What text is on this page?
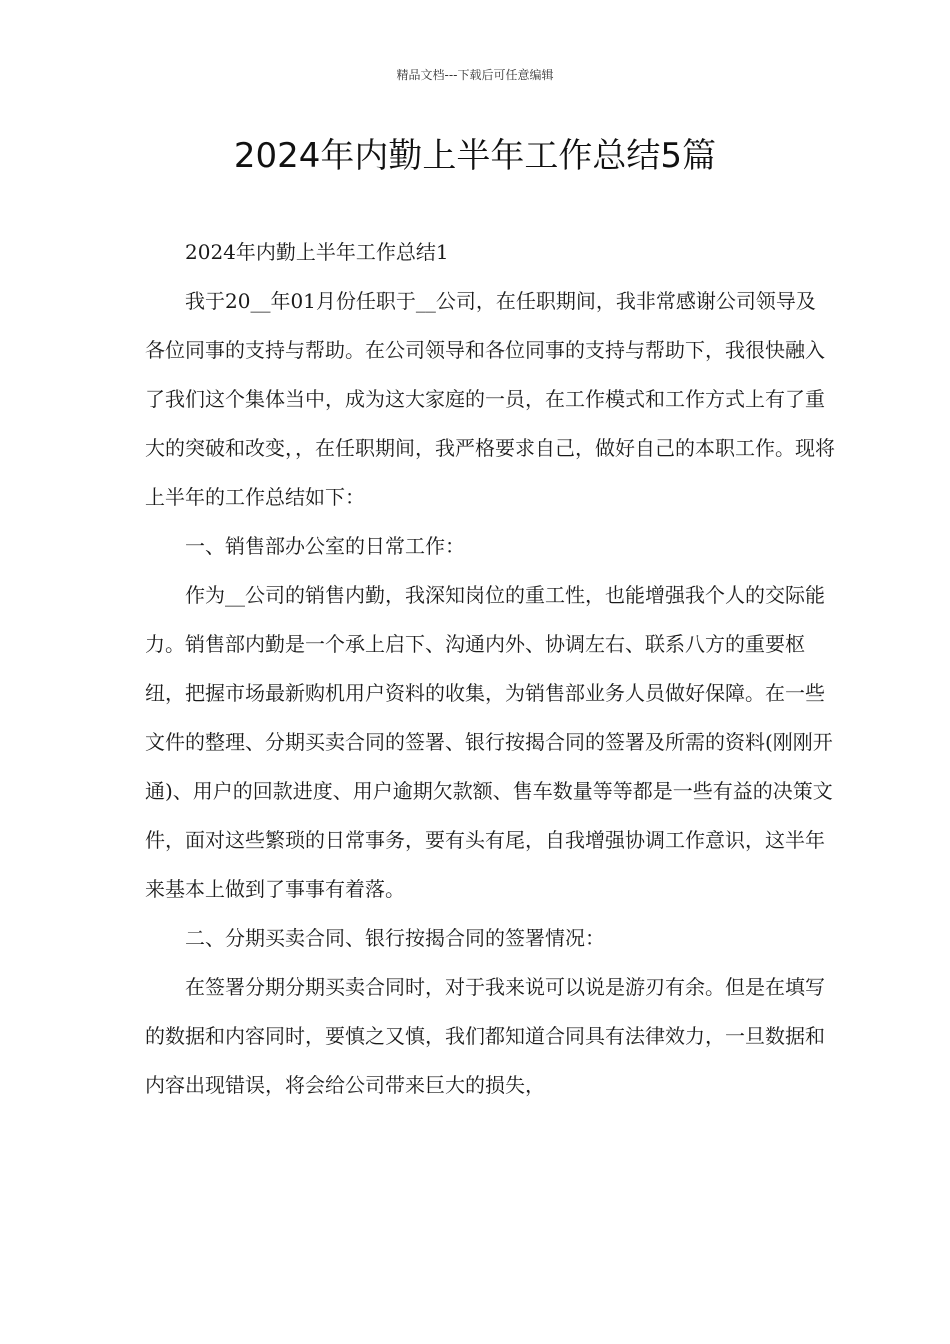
精品文档---下载后可任意编辑
2024年内勤上半年工作总结5篇

2024年内勤上半年工作总结1

我于20__年01月份任职于__公司，在任职期间，我非常感谢公司领导及各位同事的支持与帮助。在公司领导和各位同事的支持与帮助下，我很快融入了我们这个集体当中，成为这大家庭的一员，在工作模式和工作方式上有了重大的突破和改变，，在任职期间，我严格要求自己，做好自己的本职工作。现将上半年的工作总结如下：

一、销售部办公室的日常工作：

作为__公司的销售内勤，我深知岗位的重工性，也能增强我个人的交际能力。销售部内勤是一个承上启下、沟通内外、协调左右、联系八方的重要枢纽，把握市场最新购机用户资料的收集，为销售部业务人员做好保障。在一些文件的整理、分期买卖合同的签署、银行按揭合同的签署及所需的资料(刚刚开通)、用户的回款进度、用户逾期欠款额、售车数量等等都是一些有益的决策文件，面对这些繁琐的日常事务，要有头有尾，自我增强协调工作意识，这半年来基本上做到了事事有着落。

二、分期买卖合同、银行按揭合同的签署情况：

在签署分期分期买卖合同时，对于我来说可以说是游刃有余。但是在填写的数据和内容同时，要慎之又慎，我们都知道合同具有法律效力，一旦数据和内容出现错误，将会给公司带来巨大的损失，
